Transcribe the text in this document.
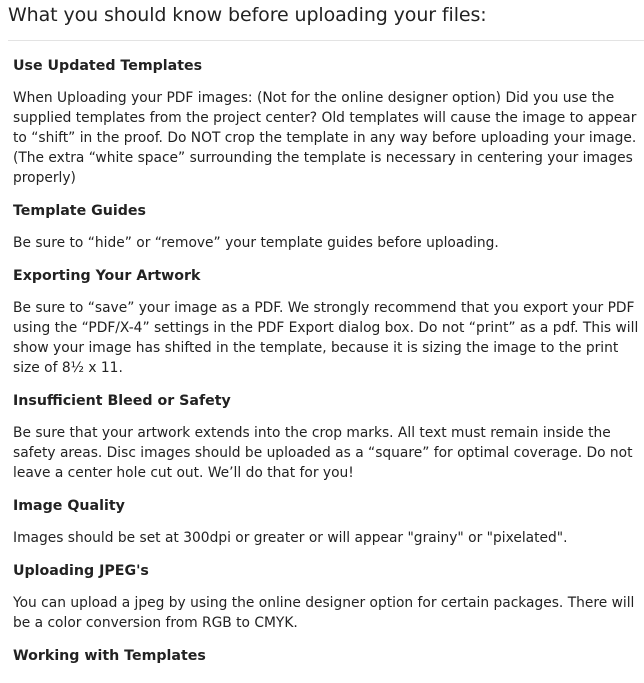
What you should know before uploading your files:
Use Updated Templates

When Uploading your PDF images: (Not for the online designer option) Did you use the supplied templates from the project center? Old templates will cause the image to appear to “shift” in the proof. Do NOT crop the template in any way before uploading your image. (The extra “white space” surrounding the template is necessary in centering your images properly)

Template Guides

Be sure to “hide” or “remove” your template guides before uploading.

Exporting Your Artwork

Be sure to “save” your image as a PDF. We strongly recommend that you export your PDF using the “PDF/X-4” settings in the PDF Export dialog box. Do not “print” as a pdf. This will show your image has shifted in the template, because it is sizing the image to the print size of 8½ x 11.

Insufficient Bleed or Safety

Be sure that your artwork extends into the crop marks. All text must remain inside the safety areas. Disc images should be uploaded as a “square” for optimal coverage. Do not leave a center hole cut out. We’ll do that for you!

Image Quality

Images should be set at 300dpi or greater or will appear "grainy" or "pixelated".

Uploading JPEG's

You can upload a jpeg by using the online designer option for certain packages. There will be a color conversion from RGB to CMYK.

Working with Templates
